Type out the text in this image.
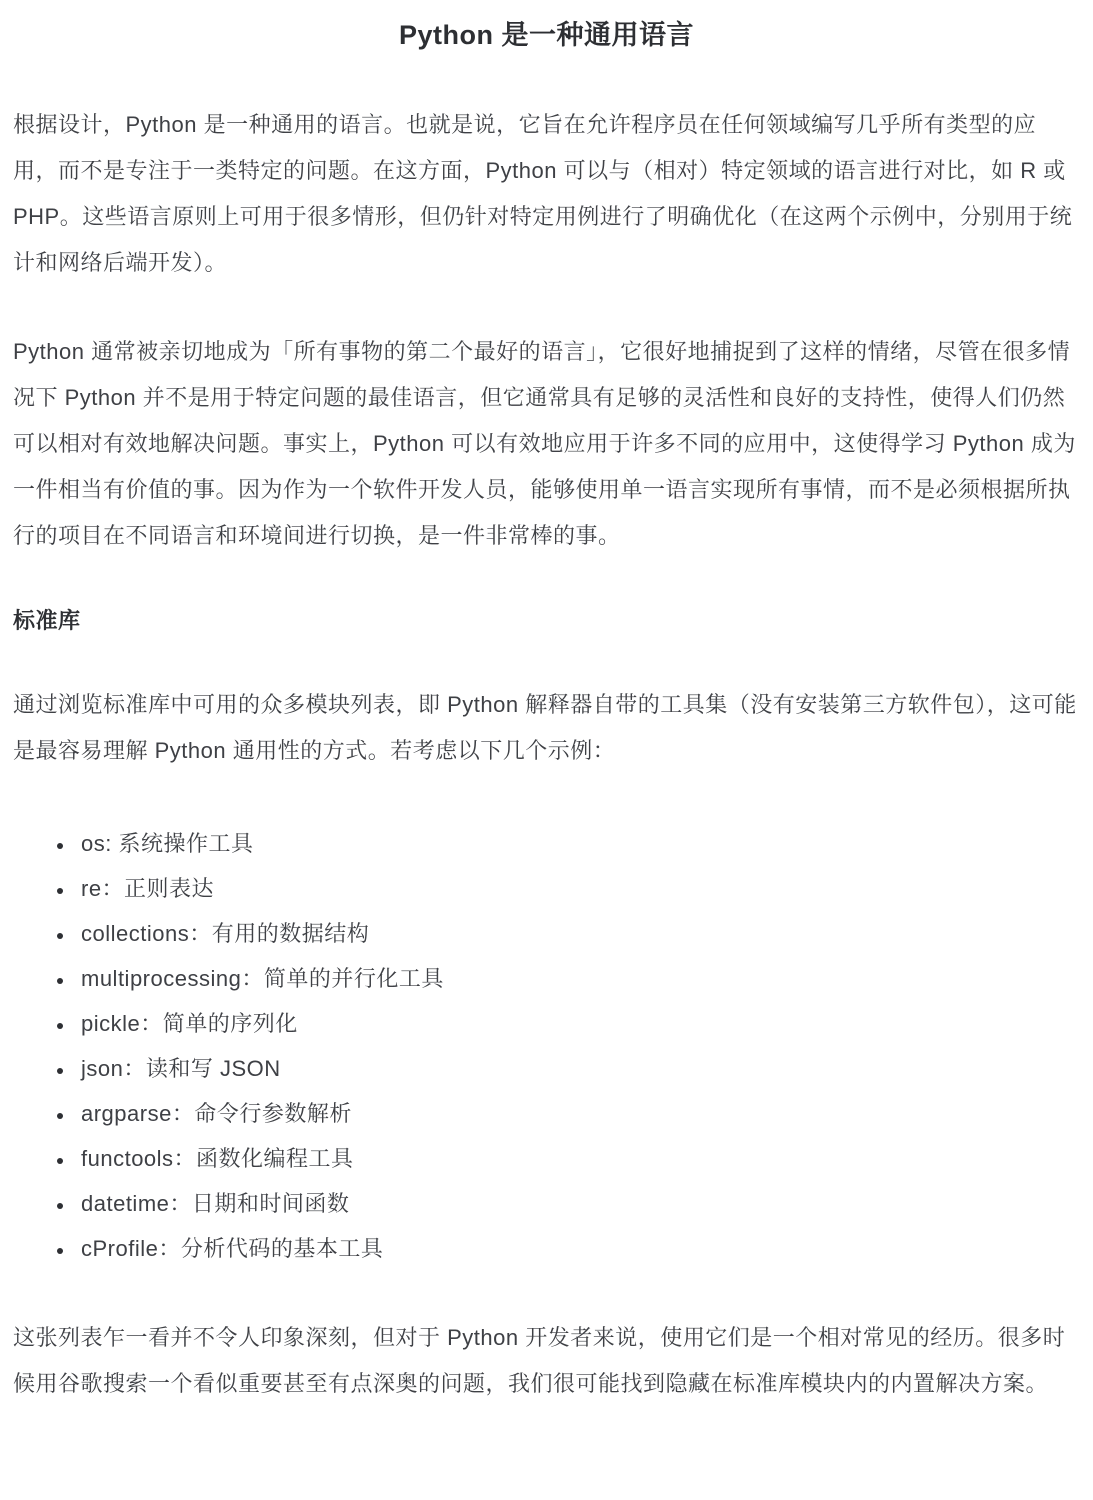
Python 是一种通用语言

根据设计，Python 是一种通用的语言。也就是说，它旨在允许程序员在任何领域编写几乎所有类型的应用，而不是专注于一类特定的问题。在这方面，Python 可以与（相对）特定领域的语言进行对比，如 R 或 PHP。这些语言原则上可用于很多情形，但仍针对特定用例进行了明确优化（在这两个示例中，分别用于统计和网络后端开发）。

Python 通常被亲切地成为「所有事物的第二个最好的语言」，它很好地捕捉到了这样的情绪，尽管在很多情况下 Python 并不是用于特定问题的最佳语言，但它通常具有足够的灵活性和良好的支持性，使得人们仍然可以相对有效地解决问题。事实上，Python 可以有效地应用于许多不同的应用中，这使得学习 Python 成为一件相当有价值的事。因为作为一个软件开发人员，能够使用单一语言实现所有事情，而不是必须根据所执行的项目在不同语言和环境间进行切换，是一件非常棒的事。

标准库

通过浏览标准库中可用的众多模块列表，即 Python 解释器自带的工具集（没有安装第三方软件包），这可能是最容易理解 Python 通用性的方式。若考虑以下几个示例：

• os: 系统操作工具
• re：正则表达
• collections：有用的数据结构
• multiprocessing：简单的并行化工具
• pickle：简单的序列化
• json：读和写 JSON
• argparse：命令行参数解析
• functools：函数化编程工具
• datetime：日期和时间函数
• cProfile：分析代码的基本工具

这张列表乍一看并不令人印象深刻，但对于 Python 开发者来说，使用它们是一个相对常见的经历。很多时候用谷歌搜索一个看似重要甚至有点深奥的问题，我们很可能找到隐藏在标准库模块内的内置解决方案。
